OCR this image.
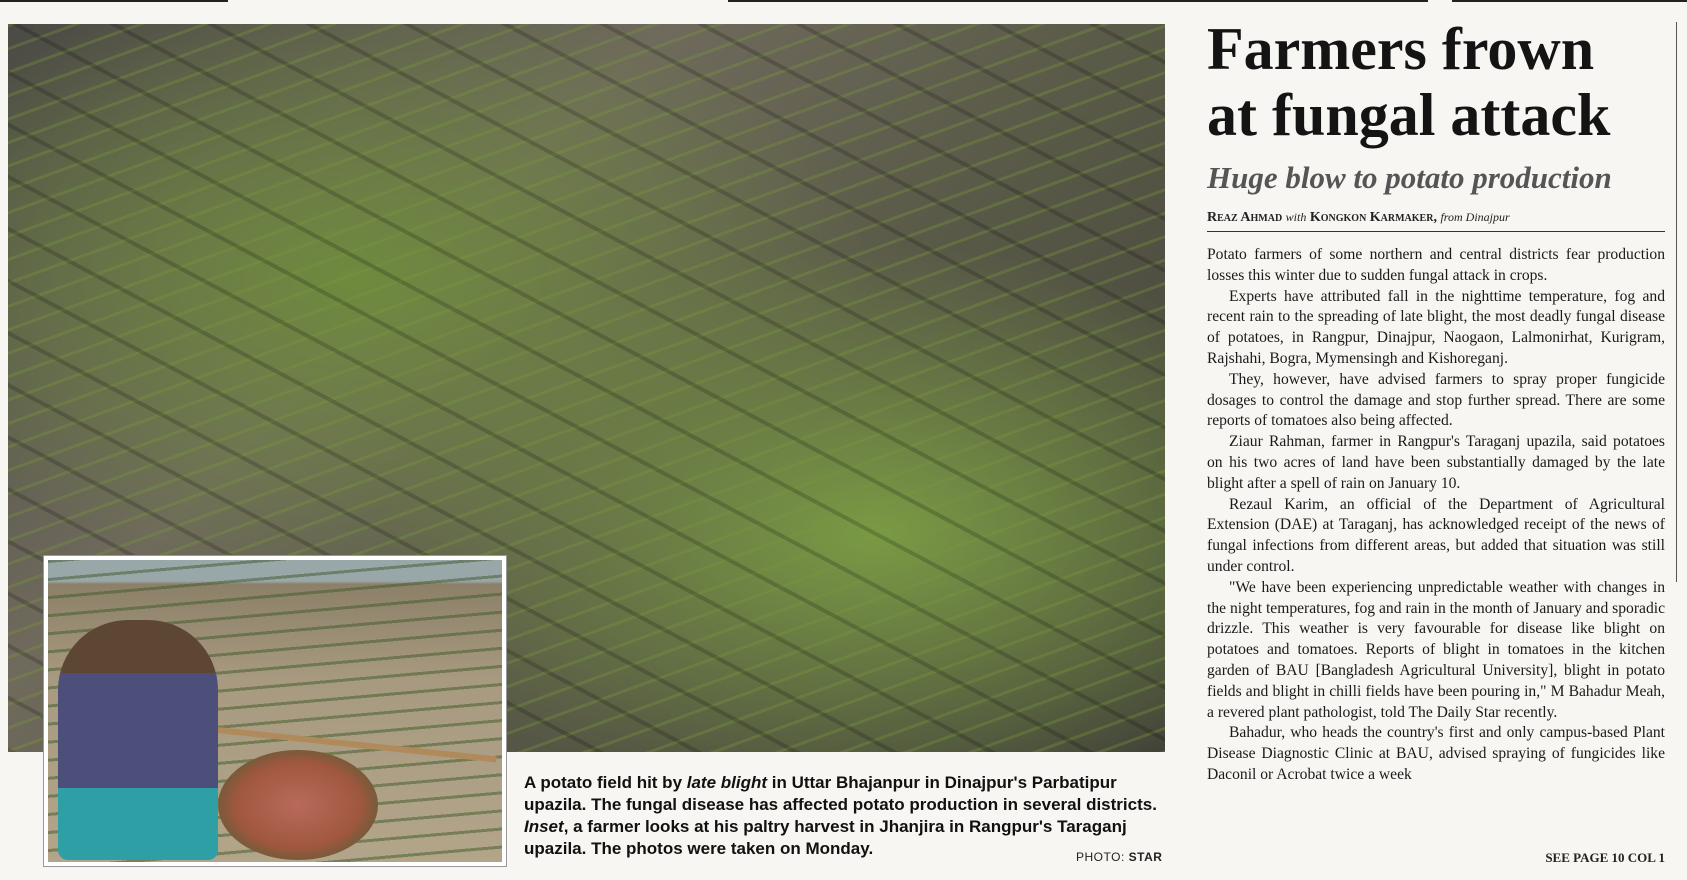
A potato field hit by late blight in Uttar Bhajanpur in Dinajpur's Parbatipur upazila. The fungal disease has affected potato production in several districts. Inset, a farmer looks at his paltry harvest in Jhanjira in Rangpur's Taraganj upazila. The photos were taken on Monday.	PHOTO: STAR
Farmers frown
at fungal attack
Huge blow to potato production
Reaz Ahmad with Kongkon Karmaker, from Dinajpur

Potato farmers of some northern and central districts fear production losses this winter due to sudden fungal attack in crops.

Experts have attributed fall in the nighttime temperature, fog and recent rain to the spreading of late blight, the most deadly fungal disease of potatoes, in Rangpur, Dinajpur, Naogaon, Lalmonirhat, Kurigram, Rajshahi, Bogra, Mymensingh and Kishoreganj.

They, however, have advised farmers to spray proper fungicide dosages to control the damage and stop further spread. There are some reports of tomatoes also being affected.

Ziaur Rahman, farmer in Rangpur's Taraganj upazila, said potatoes on his two acres of land have been substantially damaged by the late blight after a spell of rain on January 10.

Rezaul Karim, an official of the Department of Agricultural Extension (DAE) at Taraganj, has acknowledged receipt of the news of fungal infections from different areas, but added that situation was still under control.

"We have been experiencing unpredictable weather with changes in the night temperatures, fog and rain in the month of January and sporadic drizzle. This weather is very favourable for disease like blight on potatoes and tomatoes. Reports of blight in tomatoes in the kitchen garden of BAU [Bangladesh Agricultural University], blight in potato fields and blight in chilli fields have been pouring in," M Bahadur Meah, a revered plant pathologist, told The Daily Star recently.

Bahadur, who heads the country's first and only campus-based Plant Disease Diagnostic Clinic at BAU, advised spraying of fungicides like Daconil or Acrobat twice a week

SEE PAGE 10 COL 1
